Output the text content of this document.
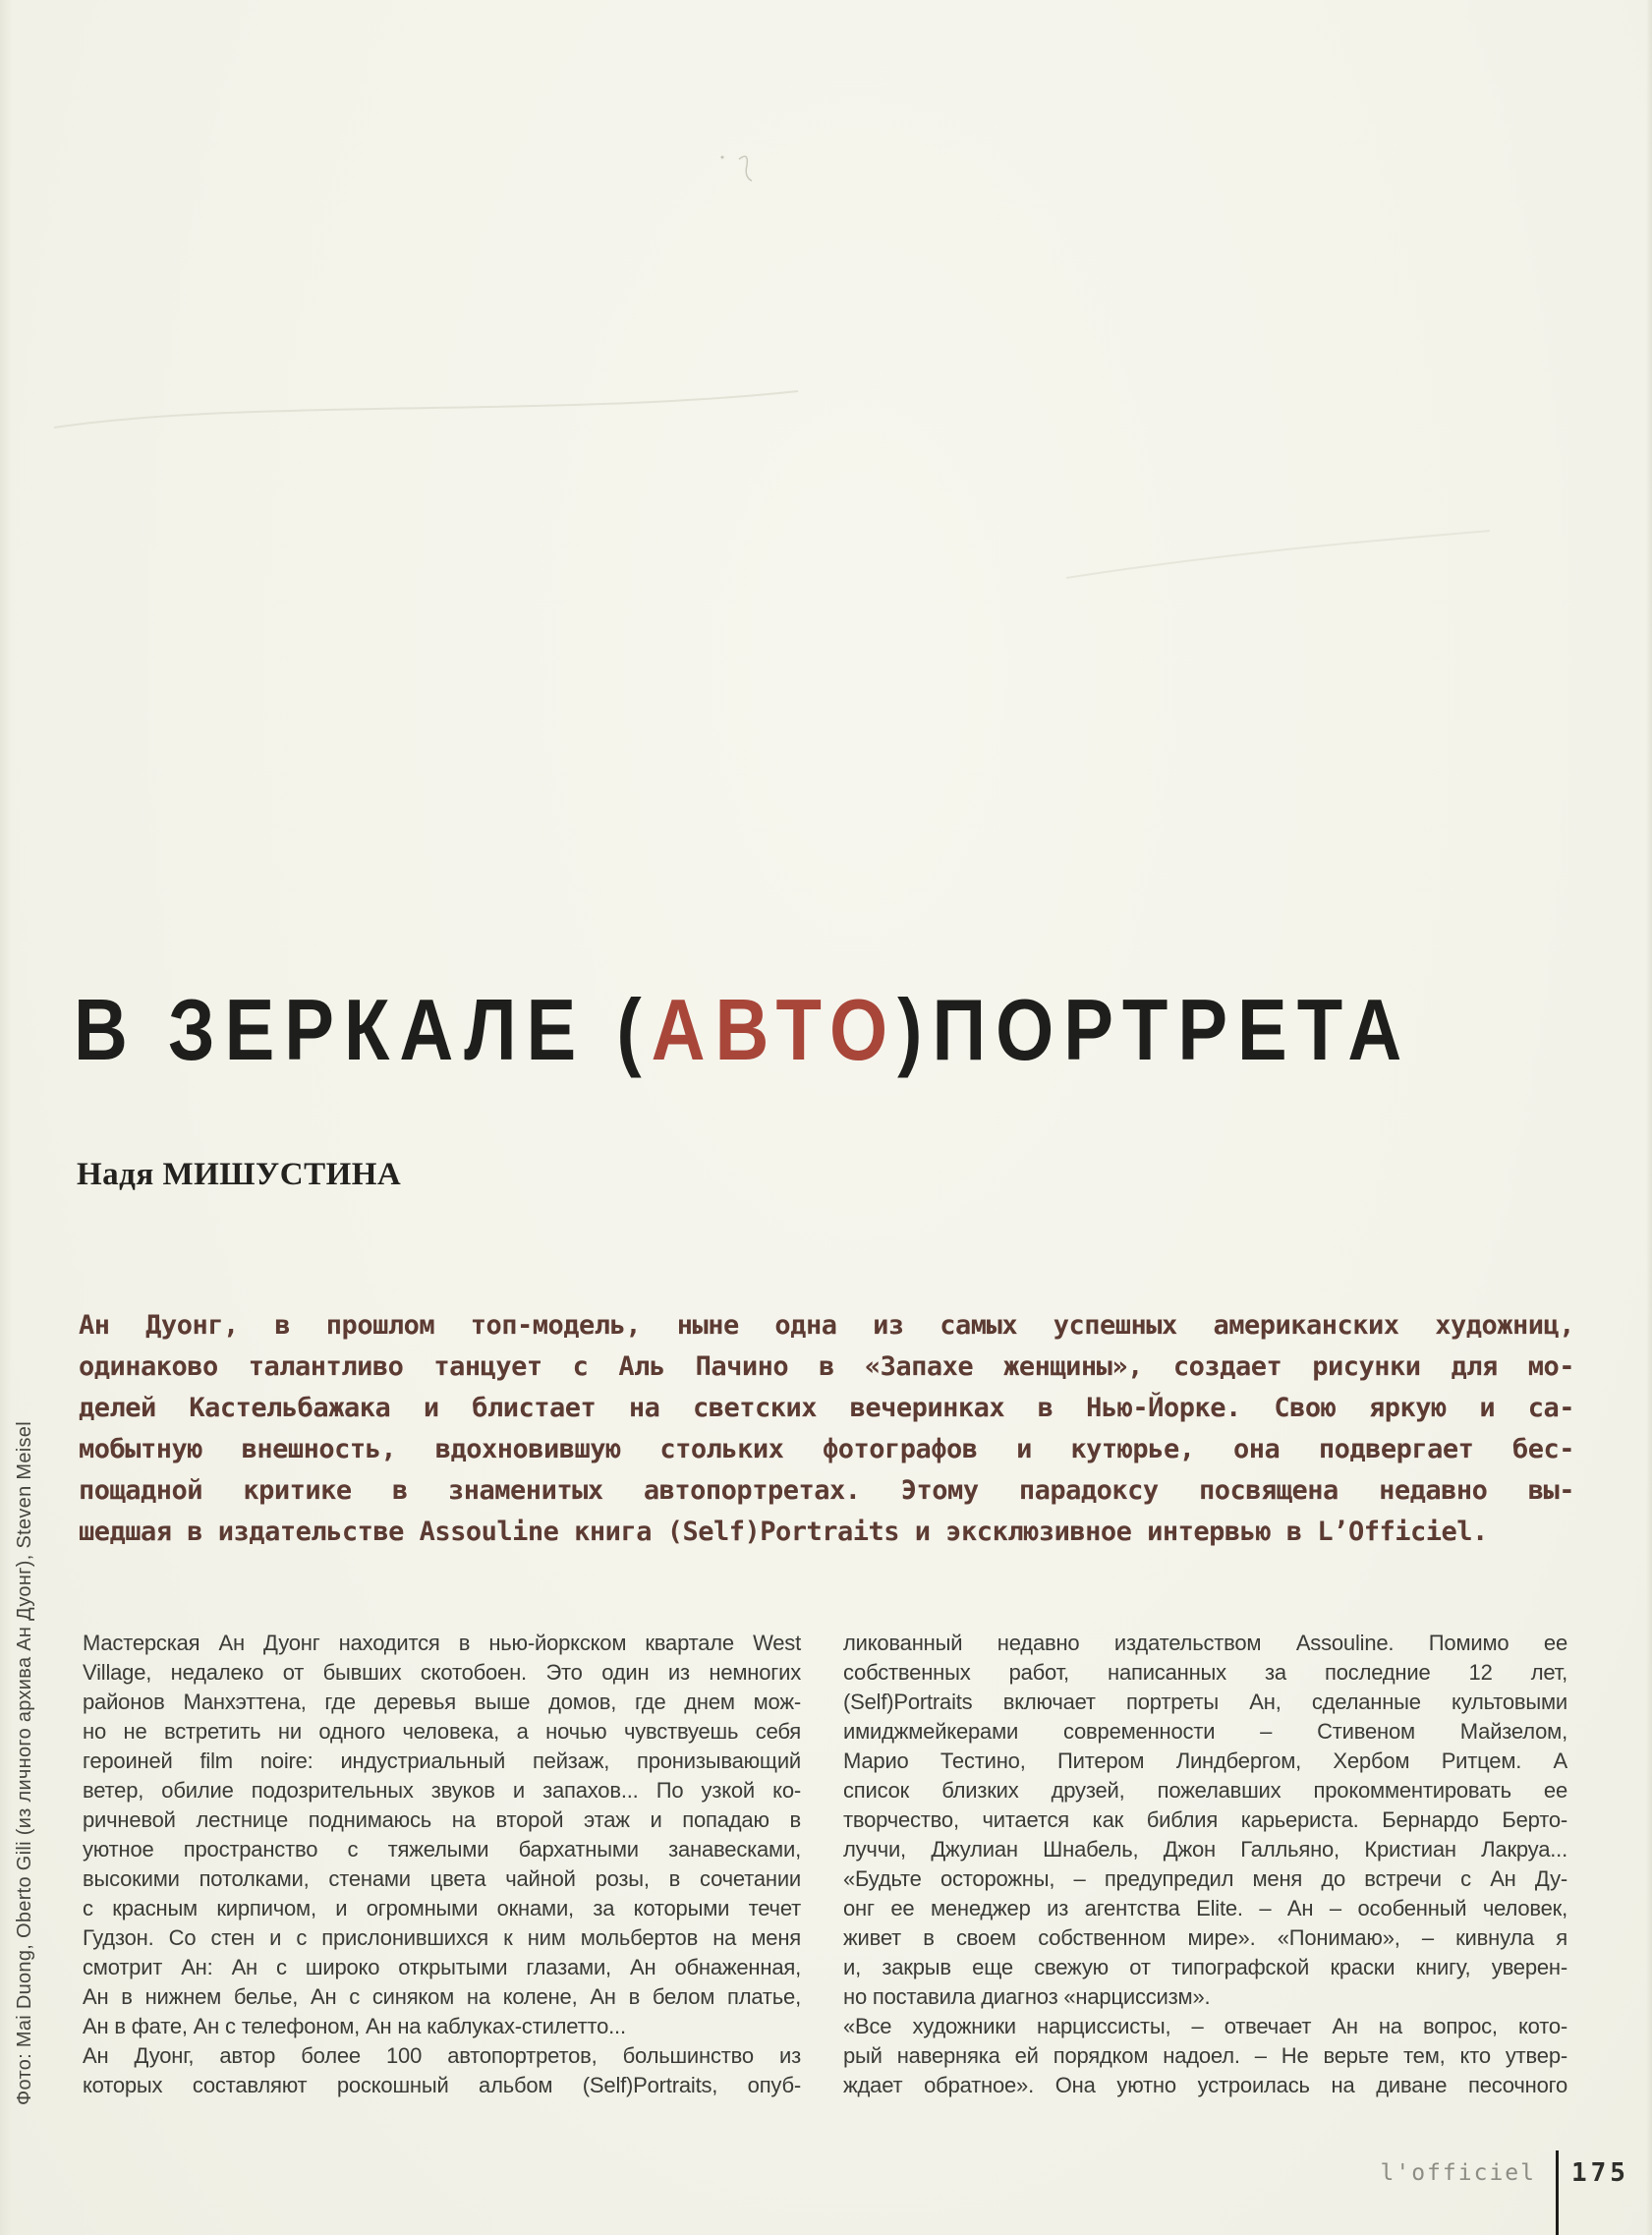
В ЗЕРКАЛЕ (АВТО)ПОРТРЕТА
Надя МИШУСТИНА
Ан Дуонг, в прошлом топ-модель, ныне одна из самых успешных американских художниц,
одинаково талантливо танцует с Аль Пачино в «Запахе женщины», создает рисунки для мо-
делей Кастельбажака и блистает на светских вечеринках в Нью-Йорке. Свою яркую и са-
мобытную внешность, вдохновившую стольких фотографов и кутюрье, она подвергает бес-
пощадной критике в знаменитых автопортретах. Этому парадоксу посвящена недавно вы-
шедшая в издательстве Assouline книга (Self)Portraits и эксклюзивное интервью в L’Officiel.
Мастерская Ан Дуонг находится в нью-йоркском квартале West
Village, недалеко от бывших скотобоен. Это один из немногих
районов Манхэттена, где деревья выше домов, где днем мож-
но не встретить ни одного человека, а ночью чувствуешь себя
героиней film noire: индустриальный пейзаж, пронизывающий
ветер, обилие подозрительных звуков и запахов... По узкой ко-
ричневой лестнице поднимаюсь на второй этаж и попадаю в
уютное пространство с тяжелыми бархатными занавесками,
высокими потолками, стенами цвета чайной розы, в сочетании
с красным кирпичом, и огромными окнами, за которыми течет
Гудзон. Со стен и с прислонившихся к ним мольбертов на меня
смотрит Ан: Ан с широко открытыми глазами, Ан обнаженная,
Ан в нижнем белье, Ан с синяком на колене, Ан в белом платье,
Ан в фате, Ан с телефоном, Ан на каблуках-стилетто...
Ан Дуонг, автор более 100 автопортретов, большинство из
которых составляют роскошный альбом (Self)Portraits, опуб-
ликованный недавно издательством Assouline. Помимо ее
собственных работ, написанных за последние 12 лет,
(Self)Portraits включает портреты Ан, сделанные культовыми
имиджмейкерами современности – Стивеном Майзелом,
Марио Тестино, Питером Линдбергом, Хербом Ритцем. А
список близких друзей, пожелавших прокомментировать ее
творчество, читается как библия карьериста. Бернардо Берто-
луччи, Джулиан Шнабель, Джон Галльяно, Кристиан Лакруа...
«Будьте осторожны, – предупредил меня до встречи с Ан Ду-
онг ее менеджер из агентства Elite. – Ан – особенный человек,
живет в своем собственном мире». «Понимаю», – кивнула я
и, закрыв еще свежую от типографской краски книгу, уверен-
но поставила диагноз «нарциссизм».
«Все художники нарциссисты, – отвечает Ан на вопрос, кото-
рый наверняка ей порядком надоел. – Не верьте тем, кто утвер-
ждает обратное». Она уютно устроилась на диване песочного
Фото: Mai Duong, Oberto Gili (из личного архива Ан Дуонг), Steven Meisel
l'officiel 175
